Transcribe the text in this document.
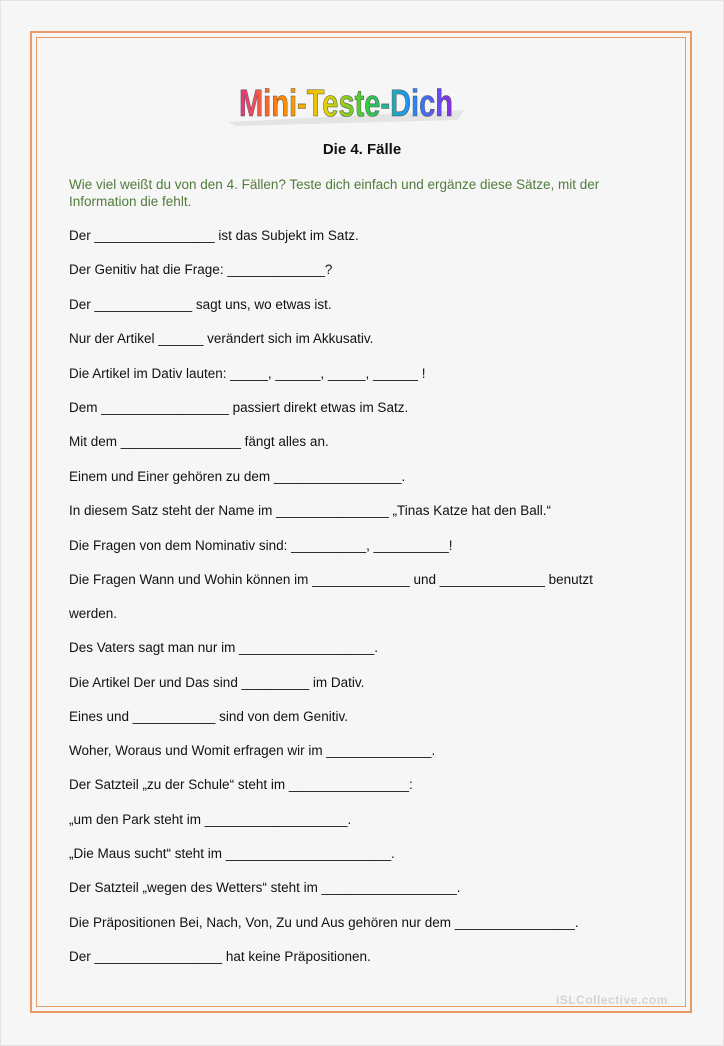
Mini-Teste-Dich
Die 4. Fälle
Wie viel weißt du von den 4. Fällen? Teste dich einfach und ergänze diese Sätze, mit der Information die fehlt.
Der ________________ ist das Subjekt im Satz.
Der Genitiv hat die Frage: _____________?
Der _____________ sagt uns, wo etwas ist.
Nur der Artikel ______ verändert sich im Akkusativ.
Die Artikel im Dativ lauten: _____, ______, _____, ______ !
Dem _________________ passiert direkt etwas im Satz.
Mit dem ________________ fängt alles an.
Einem und Einer gehören zu dem _________________.
In diesem Satz steht der Name im _______________ „Tinas Katze hat den Ball.“
Die Fragen von dem Nominativ sind: __________, __________!
Die Fragen Wann und Wohin können im _____________ und ______________ benutzt
werden.
Des Vaters sagt man nur im __________________.
Die Artikel Der und Das sind _________ im Dativ.
Eines und ___________ sind von dem Genitiv.
Woher, Woraus und Womit erfragen wir im ______________.
Der Satzteil „zu der Schule“ steht im ________________:
„um den Park steht im ___________________.
„Die Maus sucht“ steht im ______________________.
Der Satzteil „wegen des Wetters“ steht im __________________.
Die Präpositionen Bei, Nach, Von, Zu und Aus gehören nur dem ________________.
Der _________________ hat keine Präpositionen.
iSLCollective.com
